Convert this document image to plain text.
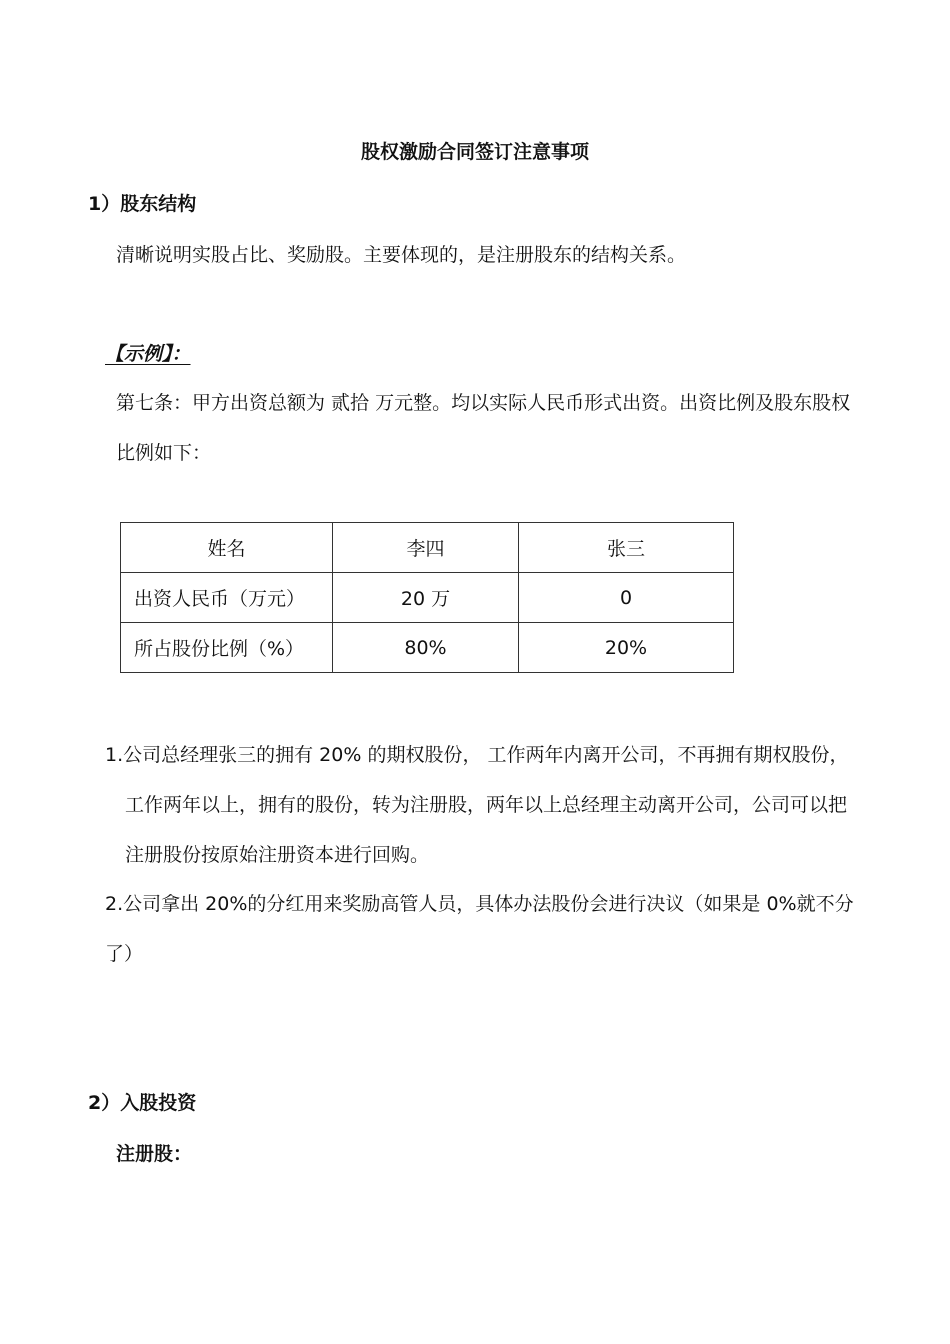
股权激励合同签订注意事项
1）股东结构
清晰说明实股占比、奖励股。主要体现的，是注册股东的结构关系。
【示例】：
第七条：甲方出资总额为 贰拾 万元整。均以实际人民币形式出资。出资比例及股东股权
比例如下：
姓名	李四	张三
出资人民币（万元）	20 万	0
所占股份比例（%）	80%	20%
1.公司总经理张三的拥有 20% 的期权股份， 工作两年内离开公司，不再拥有期权股份，
工作两年以上，拥有的股份，转为注册股，两年以上总经理主动离开公司，公司可以把
注册股份按原始注册资本进行回购。
2.公司拿出 20%的分红用来奖励高管人员，具体办法股份会进行决议（如果是 0%就不分
了）
2）入股投资
注册股：
